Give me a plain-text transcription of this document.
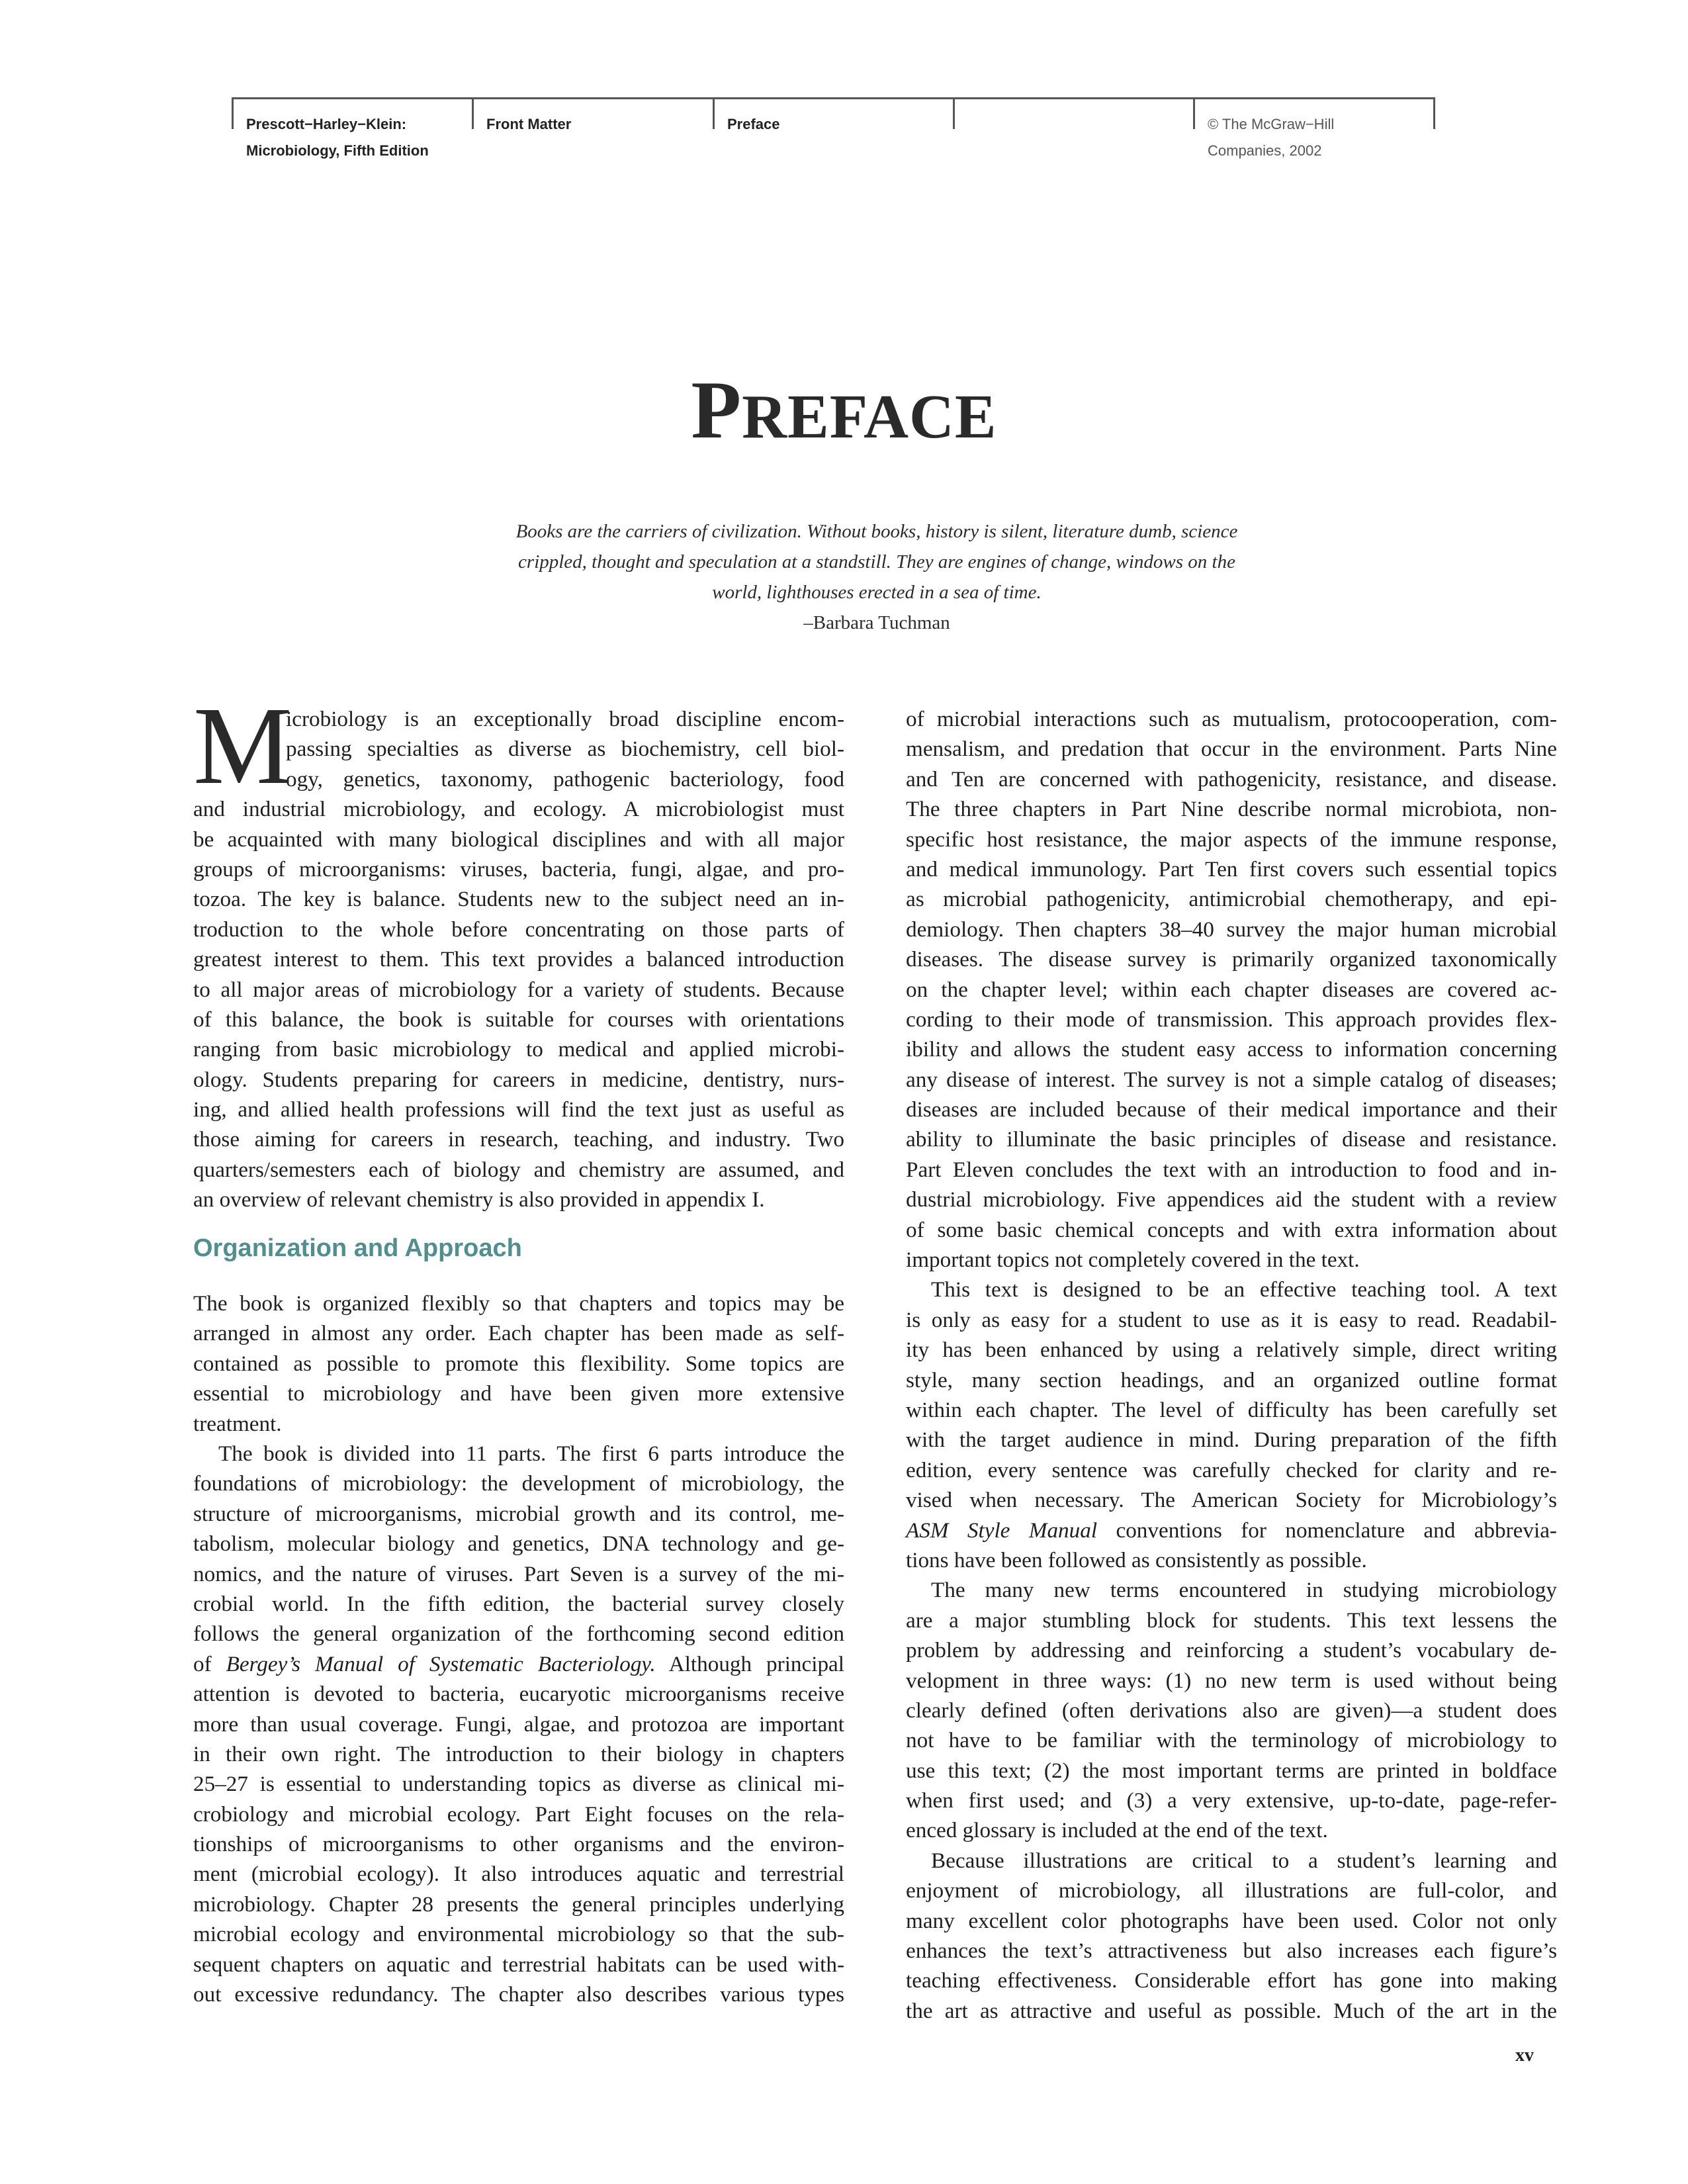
Prescott−Harley−Klein:
Microbiology, Fifth Edition
Front Matter	Preface	© The McGraw−Hill
Companies, 2002
PREFACE
Books are the carriers of civilization. Without books, history is silent, literature dumb, science
crippled, thought and speculation at a standstill. They are engines of change, windows on the
world, lighthouses erected in a sea of time.
–Barbara Tuchman
M
icrobiology is an exceptionally broad discipline encom-
passing specialties as diverse as biochemistry, cell biol-
ogy, genetics, taxonomy, pathogenic bacteriology, food
and industrial microbiology, and ecology. A microbiologist must
be acquainted with many biological disciplines and with all major
groups of microorganisms: viruses, bacteria, fungi, algae, and pro-
tozoa. The key is balance. Students new to the subject need an in-
troduction to the whole before concentrating on those parts of
greatest interest to them. This text provides a balanced introduction
to all major areas of microbiology for a variety of students. Because
of this balance, the book is suitable for courses with orientations
ranging from basic microbiology to medical and applied microbi-
ology. Students preparing for careers in medicine, dentistry, nurs-
ing, and allied health professions will find the text just as useful as
those aiming for careers in research, teaching, and industry. Two
quarters/semesters each of biology and chemistry are assumed, and
an overview of relevant chemistry is also provided in appendix I.
Organization and Approach
The book is organized flexibly so that chapters and topics may be
arranged in almost any order. Each chapter has been made as self-
contained as possible to promote this flexibility. Some topics are
essential to microbiology and have been given more extensive
treatment.
The book is divided into 11 parts. The first 6 parts introduce the
foundations of microbiology: the development of microbiology, the
structure of microorganisms, microbial growth and its control, me-
tabolism, molecular biology and genetics, DNA technology and ge-
nomics, and the nature of viruses. Part Seven is a survey of the mi-
crobial world. In the fifth edition, the bacterial survey closely
follows the general organization of the forthcoming second edition
of Bergey’s Manual of Systematic Bacteriology. Although principal
attention is devoted to bacteria, eucaryotic microorganisms receive
more than usual coverage. Fungi, algae, and protozoa are important
in their own right. The introduction to their biology in chapters
25–27 is essential to understanding topics as diverse as clinical mi-
crobiology and microbial ecology. Part Eight focuses on the rela-
tionships of microorganisms to other organisms and the environ-
ment (microbial ecology). It also introduces aquatic and terrestrial
microbiology. Chapter 28 presents the general principles underlying
microbial ecology and environmental microbiology so that the sub-
sequent chapters on aquatic and terrestrial habitats can be used with-
out excessive redundancy. The chapter also describes various types
of microbial interactions such as mutualism, protocooperation, com-
mensalism, and predation that occur in the environment. Parts Nine
and Ten are concerned with pathogenicity, resistance, and disease.
The three chapters in Part Nine describe normal microbiota, non-
specific host resistance, the major aspects of the immune response,
and medical immunology. Part Ten first covers such essential topics
as microbial pathogenicity, antimicrobial chemotherapy, and epi-
demiology. Then chapters 38–40 survey the major human microbial
diseases. The disease survey is primarily organized taxonomically
on the chapter level; within each chapter diseases are covered ac-
cording to their mode of transmission. This approach provides flex-
ibility and allows the student easy access to information concerning
any disease of interest. The survey is not a simple catalog of diseases;
diseases are included because of their medical importance and their
ability to illuminate the basic principles of disease and resistance.
Part Eleven concludes the text with an introduction to food and in-
dustrial microbiology. Five appendices aid the student with a review
of some basic chemical concepts and with extra information about
important topics not completely covered in the text.
This text is designed to be an effective teaching tool. A text
is only as easy for a student to use as it is easy to read. Readabil-
ity has been enhanced by using a relatively simple, direct writing
style, many section headings, and an organized outline format
within each chapter. The level of difficulty has been carefully set
with the target audience in mind. During preparation of the fifth
edition, every sentence was carefully checked for clarity and re-
vised when necessary. The American Society for Microbiology’s
ASM Style Manual conventions for nomenclature and abbrevia-
tions have been followed as consistently as possible.
The many new terms encountered in studying microbiology
are a major stumbling block for students. This text lessens the
problem by addressing and reinforcing a student’s vocabulary de-
velopment in three ways: (1) no new term is used without being
clearly defined (often derivations also are given)—a student does
not have to be familiar with the terminology of microbiology to
use this text; (2) the most important terms are printed in boldface
when first used; and (3) a very extensive, up-to-date, page-refer-
enced glossary is included at the end of the text.
Because illustrations are critical to a student’s learning and
enjoyment of microbiology, all illustrations are full-color, and
many excellent color photographs have been used. Color not only
enhances the text’s attractiveness but also increases each figure’s
teaching effectiveness. Considerable effort has gone into making
the art as attractive and useful as possible. Much of the art in the
xv
